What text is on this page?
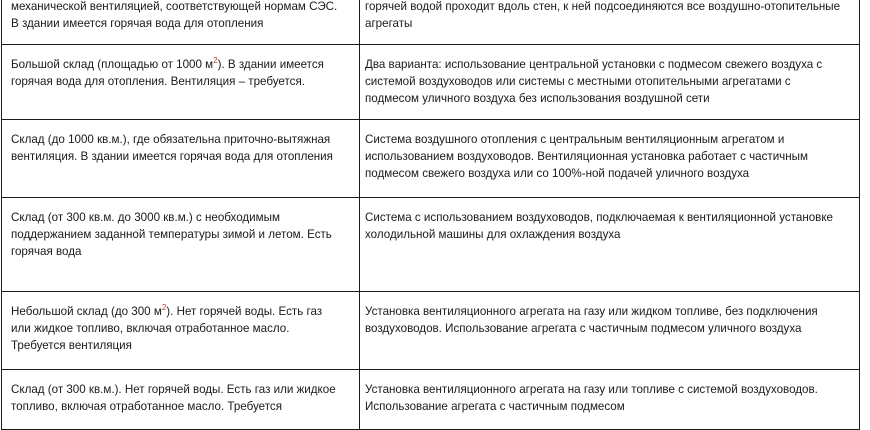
механической вентиляцией, соответствующей нормам СЭС.
В здании имеется горячая вода для отопления	горячей водой проходит вдоль стен, к ней подсоединяются все воздушно-отопительные
агрегаты
Большой склад (площадью от 1000 $м^2$). В здании имеется
горячая вода для отопления. Вентиляция – требуется.	Два варианта: использование центральной установки с подмесом свежего воздуха с
системой воздуховодов или системы с местными отопительными агрегатами с
подмесом уличного воздуха без использования воздушной сети
Склад (до 1000 кв.м.), где обязательна приточно-вытяжная
вентиляция. В здании имеется горячая вода для отопления	Система воздушного отопления с центральным вентиляционным агрегатом и
использованием воздуховодов. Вентиляционная установка работает с частичным
подмесом свежего воздуха или со 100%-ной подачей уличного воздуха
Склад (от 300 кв.м. до 3000 кв.м.) с необходимым
поддержанием заданной температуры зимой и летом. Есть
горячая вода	Система с использованием воздуховодов, подключаемая к вентиляционной установке
холодильной машины для охлаждения воздуха
Небольшой склад (до 300 $м^2$). Нет горячей воды. Есть газ
или жидкое топливо, включая отработанное масло.
Требуется вентиляция	Установка вентиляционного агрегата на газу или жидком топливе, без подключения
воздуховодов. Использование агрегата с частичным подмесом уличного воздуха
Склад (от 300 кв.м.). Нет горячей воды. Есть газ или жидкое
топливо, включая отработанное масло. Требуется	Установка вентиляционного агрегата на газу или топливе с системой воздуховодов.
Использование агрегата с частичным подмесом
